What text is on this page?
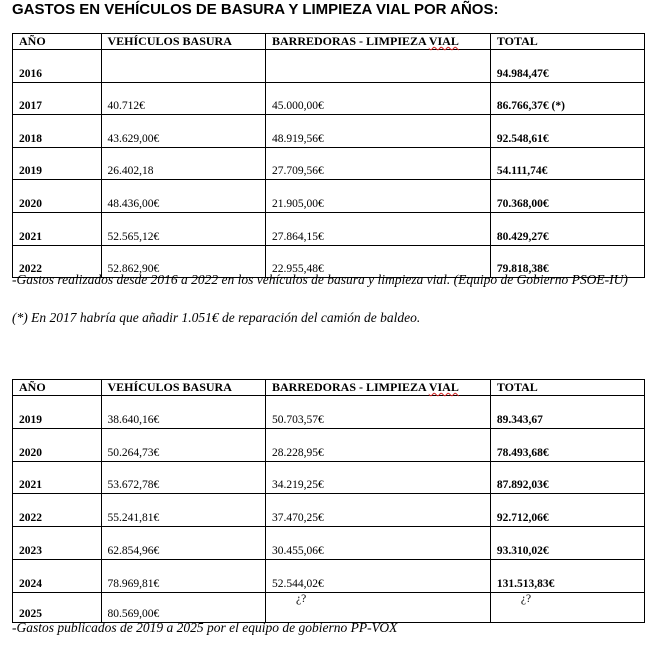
GASTOS EN VEHÍCULOS DE BASURA Y LIMPIEZA VIAL POR AÑOS:
AÑO	VEHÍCULOS BASURA	BARREDORAS - LIMPIEZA VIAL	TOTAL
2016			94.984,47€
2017	40.712€	45.000,00€	86.766,37€ (*)
2018	43.629,00€	48.919,56€	92.548,61€
2019	26.402,18	27.709,56€	54.111,74€
2020	48.436,00€	21.905,00€	70.368,00€
2021	52.565,12€	27.864,15€	80.429,27€
2022	52.862,90€	22.955,48€	79.818,38€
-Gastos realizados desde 2016 a 2022 en los vehículos de basura y limpieza vial. (Equipo de Gobierno PSOE-IU)
(*) En 2017 habría que añadir 1.051€ de reparación del camión de baldeo.
AÑO	VEHÍCULOS BASURA	BARREDORAS - LIMPIEZA VIAL	TOTAL
2019	38.640,16€	50.703,57€	89.343,67
2020	50.264,73€	28.228,95€	78.493,68€
2021	53.672,78€	34.219,25€	87.892,03€
2022	55.241,81€	37.470,25€	92.712,06€
2023	62.854,96€	30.455,06€	93.310,02€
2024	78.969,81€	52.544,02€	131.513,83€
2025	80.569,00€	¿?	¿?
-Gastos publicados de 2019 a 2025 por el equipo de gobierno PP-VOX
